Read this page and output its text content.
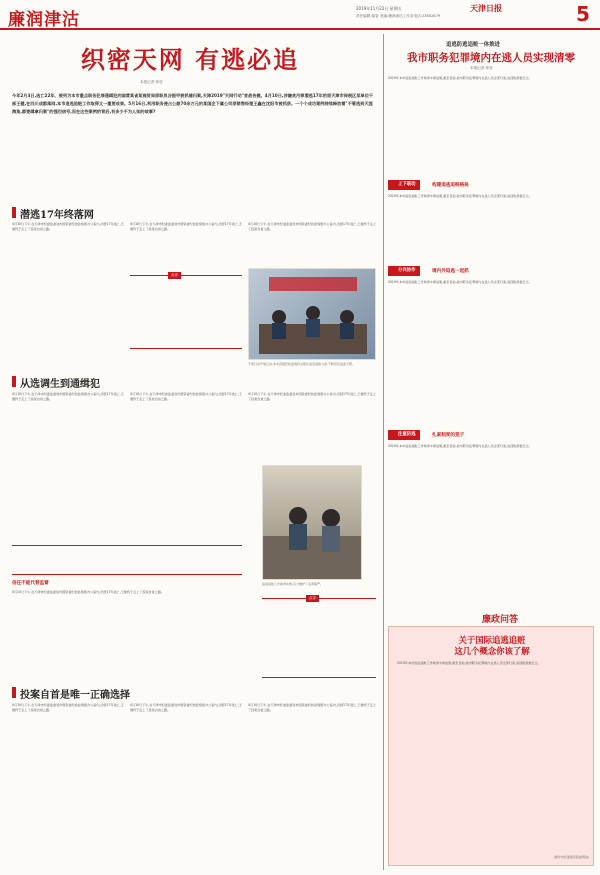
廉润津沽
2019年11月22日 星期五	天津日报
责任编辑:曲智 美编:廉润津沽工作室电话:23602879	5
织密天网 有逃必追
本报记者 帅莹
今年2月3日,选亡22年、被列为本市重点职务犯罪通缉犯的国营某省某商贸局原职员谷振甲被抓捕归案,天津2019"天网行动"首战告捷。4月10日,涉嫌贪污罪潜逃17年的原天津市保税区某单位干部王健,在四川成都落网,本市追逃追赃工作取得又一重要成果。5月16日,利用职务侵占公款70余万元的某国企下属公司原销售经理王鑫在沈阳市被抓获。一个个成功案例持续释放着"不管逃到天涯海角,都要缉拿归案"的强烈信号,而在这些案例的背后,有多少不为人知的故事?
潜逃17年终落网
4月10日下午,在天津市纪委监委驻市国资委纪检监察组办公室内,历经17年逃亡,王健终于走上了投案自首之路。
4月10日下午,在天津市纪委监委驻市国资委纪检监察组办公室内,历经17年逃亡,王健终于走上了投案自首之路。
4月10日下午,在天津市纪委监委驻市国资委纪检监察组办公室内,历经17年逃亡,王健终于走上了投案自首之路。
点评
专项行动开展以来,本市各级纪检监察机关强化追逃追赃力度,不断织密追逃天网。
从选调生到通缉犯
4月10日下午,在天津市纪委监委驻市国资委纪检监察组办公室内,历经17年逃亡,王健终于走上了投案自首之路。
4月10日下午,在天津市纪委监委驻市国资委纪检监察组办公室内,历经17年逃亡,王健终于走上了投案自首之路。
4月10日下午,在天津市纪委监委驻市国资委纪检监察组办公室内,历经17年逃亡,王健终于走上了投案自首之路。
追逃追赃工作取得实效,有力维护了法律尊严。
信任不能代替监督
4月10日下午,在天津市纪委监委驻市国资委纪检监察组办公室内,历经17年逃亡,王健终于走上了投案自首之路。
点评
投案自首是唯一正确选择
4月10日下午,在天津市纪委监委驻市国资委纪检监察组办公室内,历经17年逃亡,王健终于走上了投案自首之路。
4月10日下午,在天津市纪委监委驻市国资委纪检监察组办公室内,历经17年逃亡,王健终于走上了投案自首之路。
4月10日下午,在天津市纪委监委驻市国资委纪检监察组办公室内,历经17年逃亡,王健终于走上了投案自首之路。
追逃防逃追赃一体推进
我市职务犯罪境内在逃人员实现清零
本报记者 帅莹
2019年本市追逃追赃工作取得丰硕成果,截至目前,我市职务犯罪境内在逃人员全部归案,追回赃款数亿元。
上下联动	构建追逃追赃格局
2019年本市追逃追赃工作取得丰硕成果,截至目前,我市职务犯罪境内在逃人员全部归案,追回赃款数亿元。
分兵协作	境内外追逃一起抓
2019年本市追逃追赃工作取得丰硕成果,截至目前,我市职务犯罪境内在逃人员全部归案,追回赃款数亿元。
注重防逃	扎紧制度的笼子
2019年本市追逃追赃工作取得丰硕成果,截至目前,我市职务犯罪境内在逃人员全部归案,追回赃款数亿元。
廉政问答
关于国际追逃追赃
这几个概念你该了解
2019年本市追逃追赃工作取得丰硕成果,截至目前,我市职务犯罪境内在逃人员全部归案,追回赃款数亿元。
(据中央纪委国家监委网站)
